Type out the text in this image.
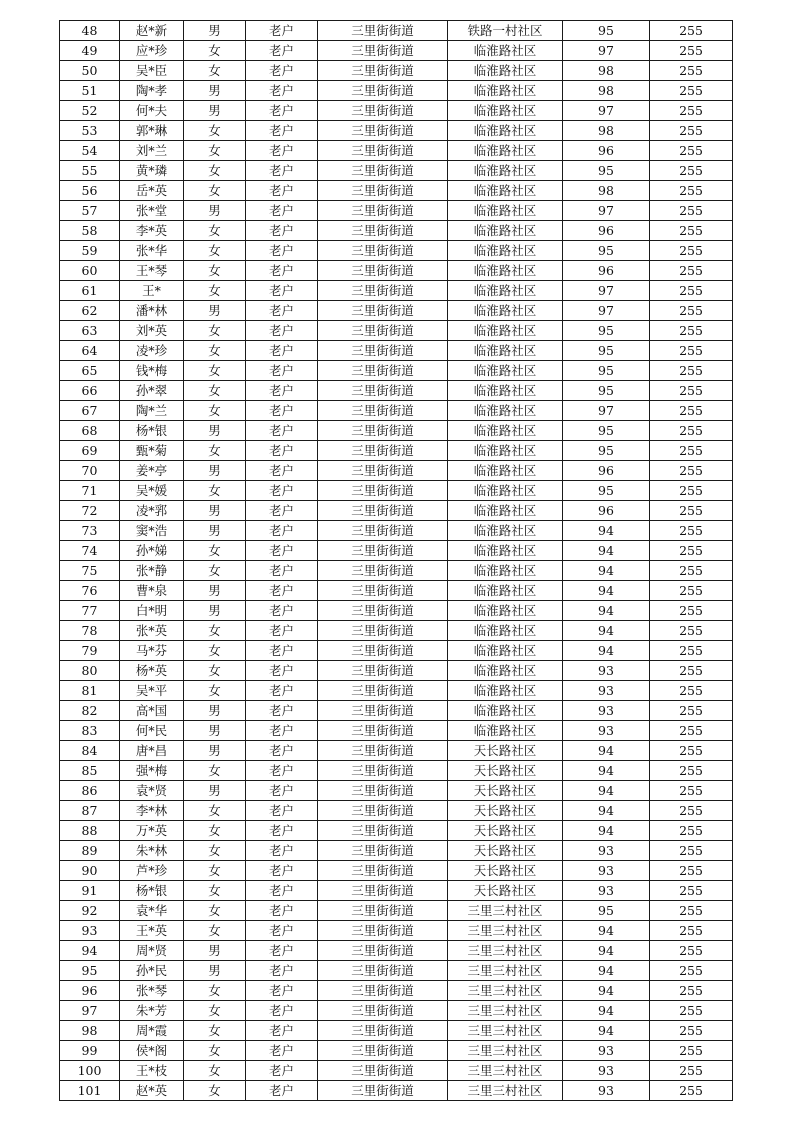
48	赵*新	男	老户	三里街街道	铁路一村社区	95	255
49	应*珍	女	老户	三里街街道	临淮路社区	97	255
50	吴*臣	女	老户	三里街街道	临淮路社区	98	255
51	陶*孝	男	老户	三里街街道	临淮路社区	98	255
52	何*夫	男	老户	三里街街道	临淮路社区	97	255
53	郭*琳	女	老户	三里街街道	临淮路社区	98	255
54	刘*兰	女	老户	三里街街道	临淮路社区	96	255
55	黄*璘	女	老户	三里街街道	临淮路社区	95	255
56	岳*英	女	老户	三里街街道	临淮路社区	98	255
57	张*堂	男	老户	三里街街道	临淮路社区	97	255
58	李*英	女	老户	三里街街道	临淮路社区	96	255
59	张*华	女	老户	三里街街道	临淮路社区	95	255
60	王*琴	女	老户	三里街街道	临淮路社区	96	255
61	王*	女	老户	三里街街道	临淮路社区	97	255
62	潘*林	男	老户	三里街街道	临淮路社区	97	255
63	刘*英	女	老户	三里街街道	临淮路社区	95	255
64	凌*珍	女	老户	三里街街道	临淮路社区	95	255
65	钱*梅	女	老户	三里街街道	临淮路社区	95	255
66	孙*翠	女	老户	三里街街道	临淮路社区	95	255
67	陶*兰	女	老户	三里街街道	临淮路社区	97	255
68	杨*银	男	老户	三里街街道	临淮路社区	95	255
69	甄*菊	女	老户	三里街街道	临淮路社区	95	255
70	姜*亭	男	老户	三里街街道	临淮路社区	96	255
71	吴*媛	女	老户	三里街街道	临淮路社区	95	255
72	凌*郛	男	老户	三里街街道	临淮路社区	96	255
73	窦*浩	男	老户	三里街街道	临淮路社区	94	255
74	孙*娣	女	老户	三里街街道	临淮路社区	94	255
75	张*静	女	老户	三里街街道	临淮路社区	94	255
76	曹*泉	男	老户	三里街街道	临淮路社区	94	255
77	白*明	男	老户	三里街街道	临淮路社区	94	255
78	张*英	女	老户	三里街街道	临淮路社区	94	255
79	马*芬	女	老户	三里街街道	临淮路社区	94	255
80	杨*英	女	老户	三里街街道	临淮路社区	93	255
81	吴*平	女	老户	三里街街道	临淮路社区	93	255
82	高*国	男	老户	三里街街道	临淮路社区	93	255
83	何*民	男	老户	三里街街道	临淮路社区	93	255
84	唐*昌	男	老户	三里街街道	天长路社区	94	255
85	强*梅	女	老户	三里街街道	天长路社区	94	255
86	袁*贤	男	老户	三里街街道	天长路社区	94	255
87	李*林	女	老户	三里街街道	天长路社区	94	255
88	万*英	女	老户	三里街街道	天长路社区	94	255
89	朱*林	女	老户	三里街街道	天长路社区	93	255
90	芦*珍	女	老户	三里街街道	天长路社区	93	255
91	杨*银	女	老户	三里街街道	天长路社区	93	255
92	袁*华	女	老户	三里街街道	三里三村社区	95	255
93	王*英	女	老户	三里街街道	三里三村社区	94	255
94	周*贤	男	老户	三里街街道	三里三村社区	94	255
95	孙*民	男	老户	三里街街道	三里三村社区	94	255
96	张*琴	女	老户	三里街街道	三里三村社区	94	255
97	朱*芳	女	老户	三里街街道	三里三村社区	94	255
98	周*霞	女	老户	三里街街道	三里三村社区	94	255
99	侯*阁	女	老户	三里街街道	三里三村社区	93	255
100	王*枝	女	老户	三里街街道	三里三村社区	93	255
101	赵*英	女	老户	三里街街道	三里三村社区	93	255
